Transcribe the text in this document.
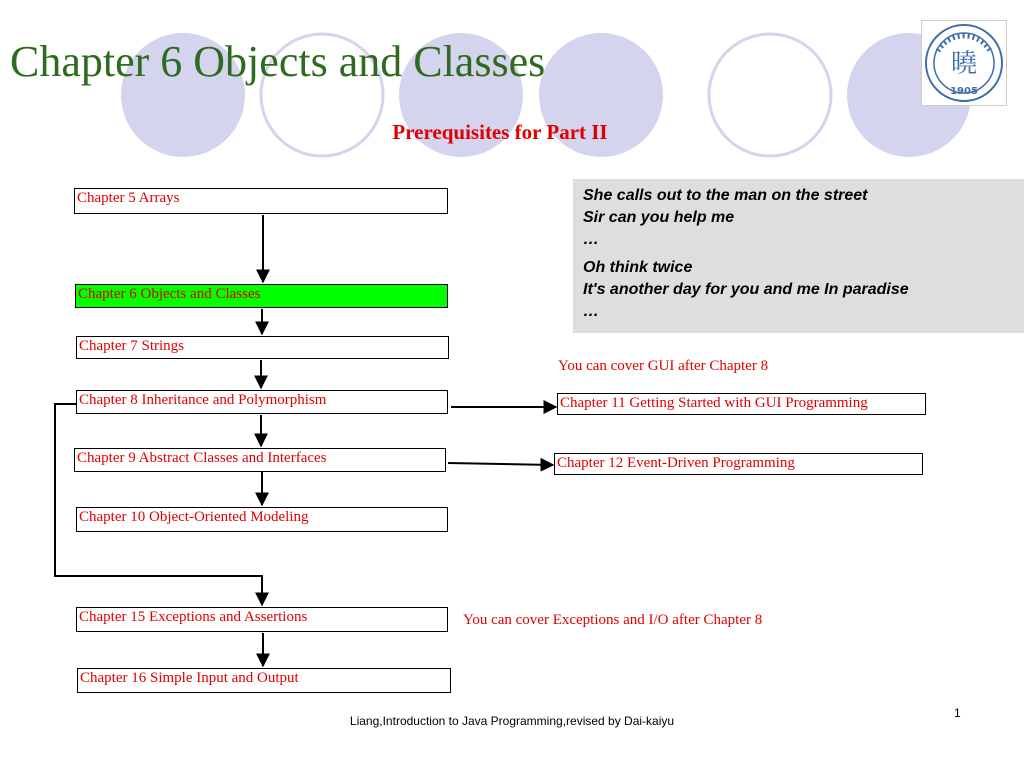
Chapter 6 Objects and Classes	曉
1905
Prerequisites for Part II
She calls out to the man on the street
Sir can you help me
…
Oh think twice
It's another day for you and me In paradise
…
Chapter 5 Arrays
Chapter 6 Objects and Classes
Chapter 7 Strings
Chapter 8 Inheritance and Polymorphism
Chapter 9 Abstract Classes and Interfaces
Chapter 10 Object-Oriented Modeling
Chapter 11 Getting Started with GUI Programming
Chapter 12 Event-Driven Programming
Chapter 15 Exceptions and Assertions
Chapter 16 Simple Input and Output
You can cover GUI after Chapter 8
You can cover Exceptions and I/O after Chapter 8
Liang,Introduction to Java Programming,revised by Dai-kaiyu
1
